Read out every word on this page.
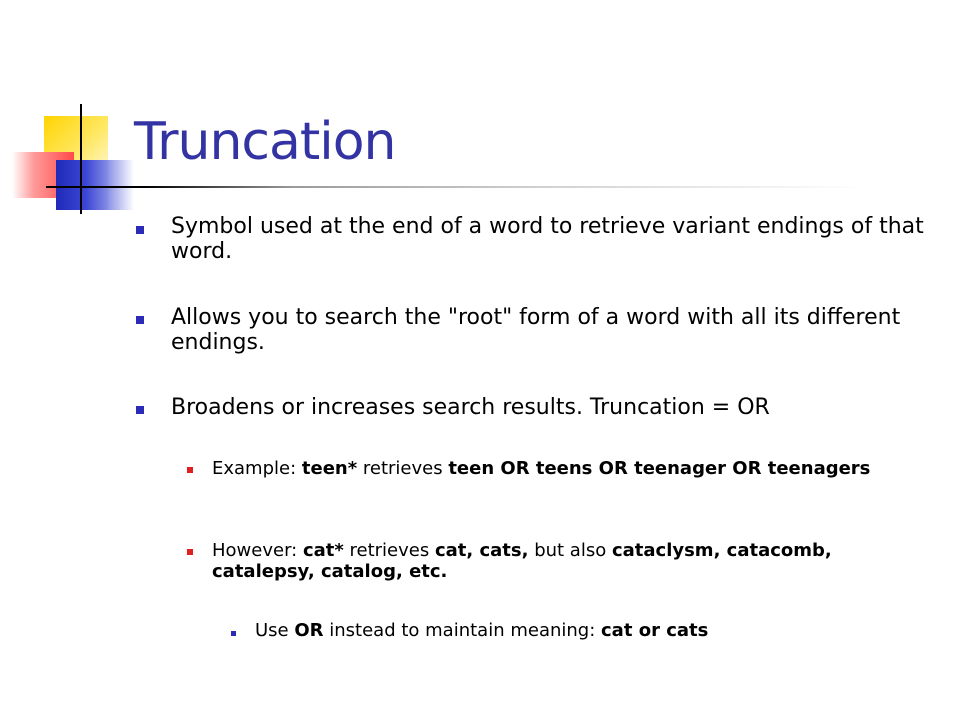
Truncation
Symbol used at the end of a word to retrieve variant endings of that word.
Allows you to search the "root" form of a word with all its different endings.
Broadens or increases search results. Truncation = OR
Example: teen* retrieves teen OR teens OR teenager OR teenagers
However: cat* retrieves cat, cats, but also cataclysm, catacomb, catalepsy, catalog, etc.
Use OR instead to maintain meaning: cat or cats
